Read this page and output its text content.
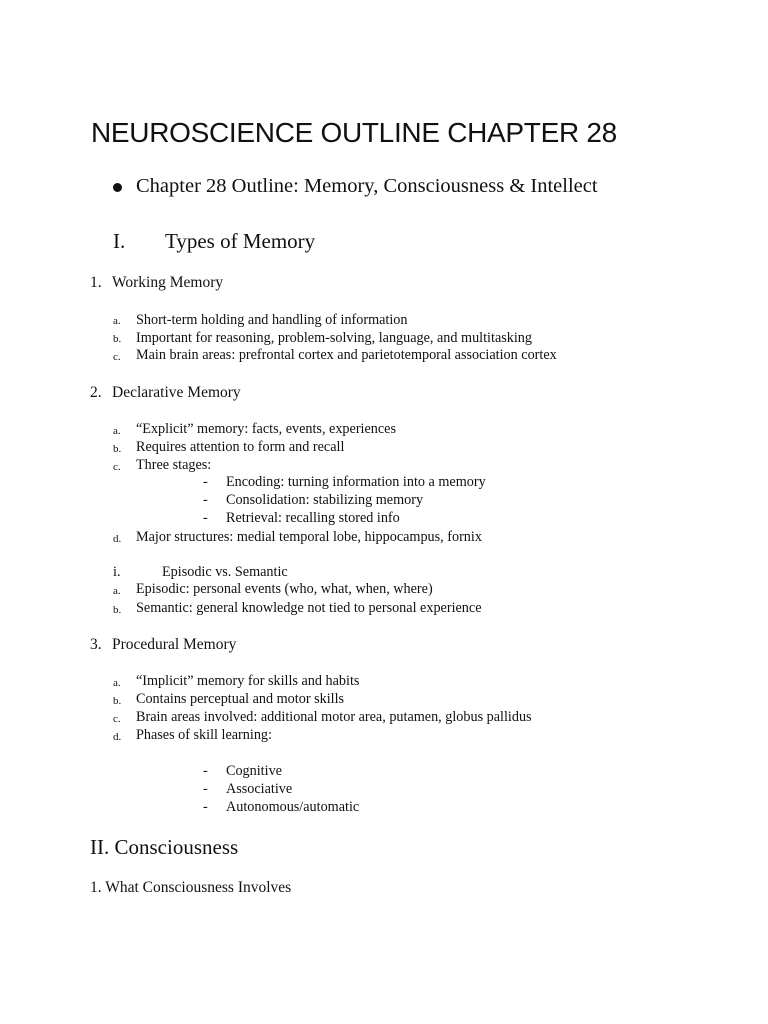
NEUROSCIENCE OUTLINE CHAPTER 28
Chapter 28 Outline: Memory, Consciousness & Intellect
I. Types of Memory
1. Working Memory
a. Short-term holding and handling of information
b. Important for reasoning, problem-solving, language, and multitasking
c. Main brain areas: prefrontal cortex and parietotemporal association cortex
2. Declarative Memory
a. “Explicit” memory: facts, events, experiences
b. Requires attention to form and recall
c. Three stages:
- Encoding: turning information into a memory
- Consolidation: stabilizing memory
- Retrieval: recalling stored info
d. Major structures: medial temporal lobe, hippocampus, fornix
i.	Episodic vs. Semantic
a. Episodic: personal events (who, what, when, where)
b. Semantic: general knowledge not tied to personal experience
3. Procedural Memory
a. “Implicit” memory for skills and habits
b. Contains perceptual and motor skills
c. Brain areas involved: additional motor area, putamen, globus pallidus
d. Phases of skill learning:
- Cognitive
- Associative
- Autonomous/automatic
II. Consciousness
1. What Consciousness Involves
